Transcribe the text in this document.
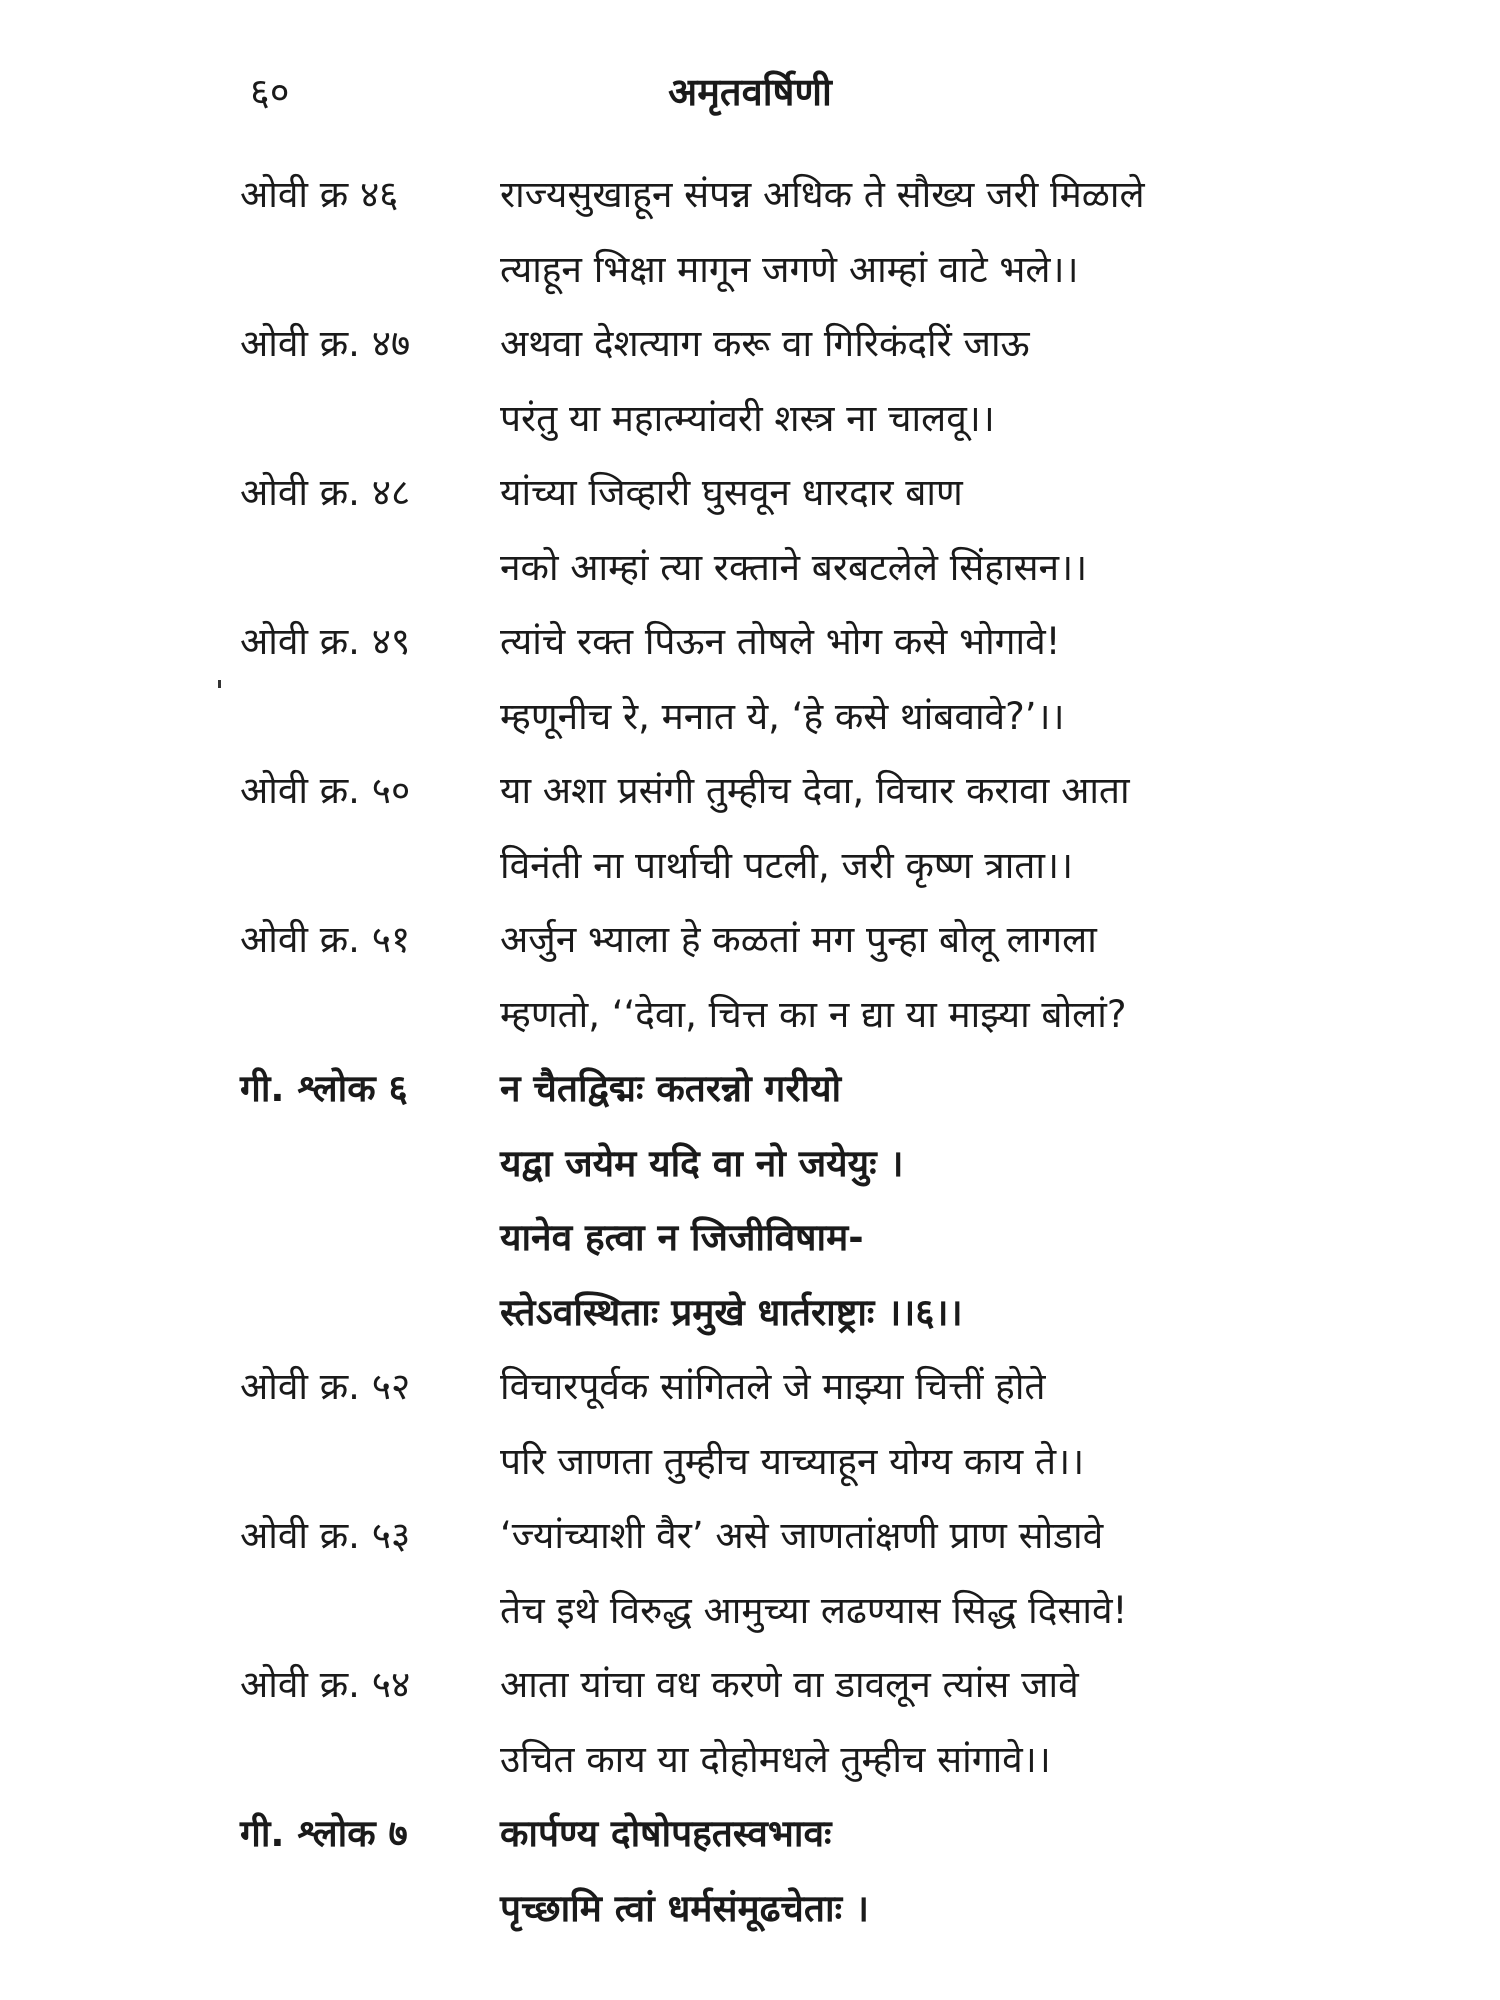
६०	अमृतवर्षिणी
ओवी क्र ४६	राज्यसुखाहून संपन्न अधिक ते सौख्य जरी मिळाले
त्याहून भिक्षा मागून जगणे आम्हां वाटे भले।।
ओवी क्र. ४७	अथवा देशत्याग करू वा गिरिकंदरिं जाऊ
परंतु या महात्म्यांवरी शस्त्र ना चालवू।।
ओवी क्र. ४८	यांच्या जिव्हारी घुसवून धारदार बाण
नको आम्हां त्या रक्ताने बरबटलेले सिंहासन।।
ओवी क्र. ४९	त्यांचे रक्त पिऊन तोषले भोग कसे भोगावे!
म्हणूनीच रे, मनात ये, ‘हे कसे थांबवावे?’।।
ओवी क्र. ५०	या अशा प्रसंगी तुम्हीच देवा, विचार करावा आता
विनंती ना पार्थाची पटली, जरी कृष्ण त्राता।।
ओवी क्र. ५१	अर्जुन भ्याला हे कळतां मग पुन्हा बोलू लागला
म्हणतो, ‘‘देवा, चित्त का न द्या या माझ्या बोलां?
गी. श्लोक ६	न चैतद्विद्मः कतरन्नो गरीयो
यद्वा जयेम यदि वा नो जयेयुः ।
यानेव हत्वा न जिजीविषाम-
स्तेऽवस्थिताः प्रमुखे धार्तराष्ट्राः ।।६।।
ओवी क्र. ५२	विचारपूर्वक सांगितले जे माझ्या चित्तीं होते
परि जाणता तुम्हीच याच्याहून योग्य काय ते।।
ओवी क्र. ५३	‘ज्यांच्याशी वैर’ असे जाणतांक्षणी प्राण सोडावे
तेच इथे विरुद्ध आमुच्या लढण्यास सिद्ध दिसावे!
ओवी क्र. ५४	आता यांचा वध करणे वा डावलून त्यांस जावे
उचित काय या दोहोमधले तुम्हीच सांगावे।।
गी. श्लोक ७	कार्पण्य दोषोपहतस्वभावः
पृच्छामि त्वां धर्मसंमूढचेताः ।
